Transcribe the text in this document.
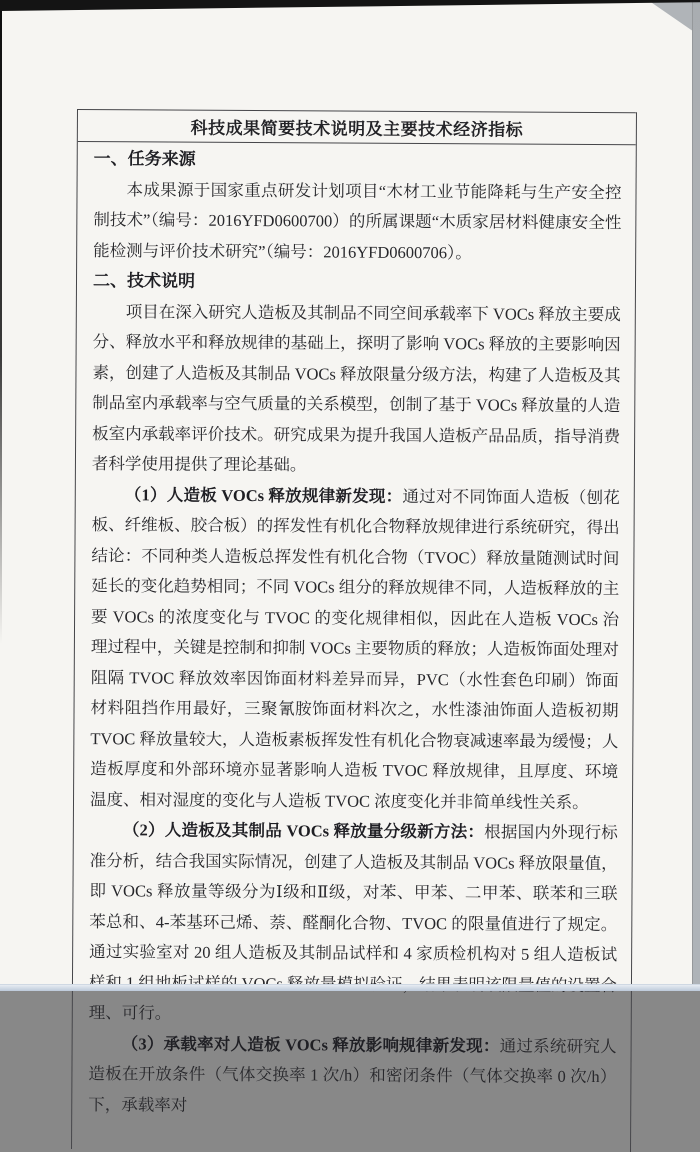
科技成果简要技术说明及主要技术经济指标
一、任务来源

本成果源于国家重点研发计划项目“木材工业节能降耗与生产安全控制技术”（编号：2016YFD0600700）的所属课题“木质家居材料健康安全性能检测与评价技术研究”（编号：2016YFD0600706）。

二、技术说明

项目在深入研究人造板及其制品不同空间承载率下 VOCs 释放主要成分、释放水平和释放规律的基础上，探明了影响 VOCs 释放的主要影响因素，创建了人造板及其制品 VOCs 释放限量分级方法，构建了人造板及其制品室内承载率与空气质量的关系模型，创制了基于 VOCs 释放量的人造板室内承载率评价技术。研究成果为提升我国人造板产品品质，指导消费者科学使用提供了理论基础。

（1）人造板 VOCs 释放规律新发现：通过对不同饰面人造板（刨花板、纤维板、胶合板）的挥发性有机化合物释放规律进行系统研究，得出结论：不同种类人造板总挥发性有机化合物（TVOC）释放量随测试时间延长的变化趋势相同；不同 VOCs 组分的释放规律不同，人造板释放的主要 VOCs 的浓度变化与 TVOC 的变化规律相似，因此在人造板 VOCs 治理过程中，关键是控制和抑制 VOCs 主要物质的释放；人造板饰面处理对阻隔 TVOC 释放效率因饰面材料差异而异，PVC（水性套色印刷）饰面材料阻挡作用最好，三聚氰胺饰面材料次之，水性漆油饰面人造板初期 TVOC 释放量较大，人造板素板挥发性有机化合物衰减速率最为缓慢；人造板厚度和外部环境亦显著影响人造板 TVOC 释放规律，且厚度、环境温度、相对湿度的变化与人造板 TVOC 浓度变化并非简单线性关系。

（2）人造板及其制品 VOCs 释放量分级新方法：根据国内外现行标准分析，结合我国实际情况，创建了人造板及其制品 VOCs 释放限量值，即 VOCs 释放量等级分为Ⅰ级和Ⅱ级，对苯、甲苯、二甲苯、联苯和三联苯总和、4-苯基环己烯、萘、醛酮化合物、TVOC 的限量值进行了规定。通过实验室对 20 组人造板及其制品试样和 4 家质检机构对 5 组人造板试样和 1 组地板试样的 释放量模拟验证，结果表明该限量值的设置合理、可行。

（3）承载率对人造板 VOCs 释放影响规律新发现：通过系统研究人造板在开放条件（气体交换率 1 次/h）和密闭条件（气体交换率 0 次/h）下，承载率对
